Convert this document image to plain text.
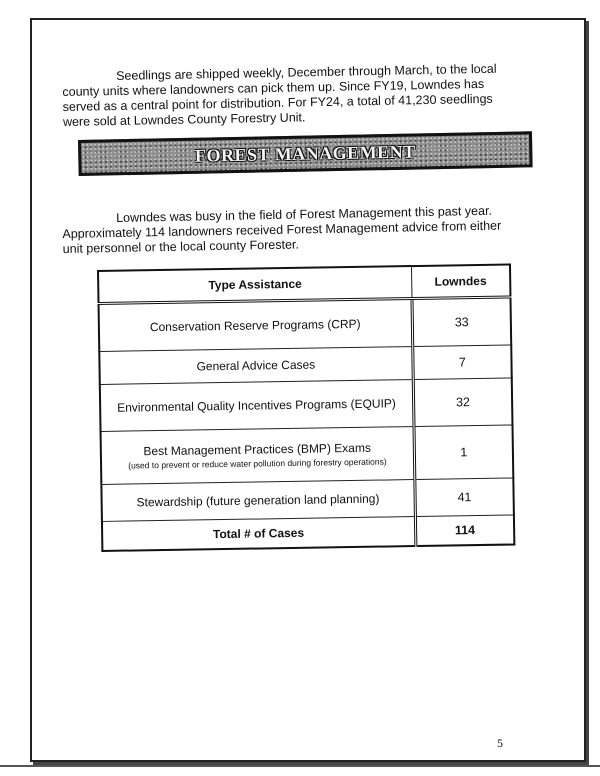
Seedlings are shipped weekly, December through March, to the local county units where landowners can pick them up. Since FY19, Lowndes has served as a central point for distribution. For FY24, a total of 41,230 seedlings were sold at Lowndes County Forestry Unit.

FOREST MANAGEMENT

Lowndes was busy in the field of Forest Management this past year. Approximately 114 landowners received Forest Management advice from either unit personnel or the local county Forester.

Type Assistance	Lowndes
Conservation Reserve Programs (CRP)	33
General Advice Cases	7
Environmental Quality Incentives Programs (EQUIP)	32
Best Management Practices (BMP) Exams
(used to prevent or reduce water pollution during forestry operations)	1
Stewardship (future generation land planning)	41
Total # of Cases	114
5
